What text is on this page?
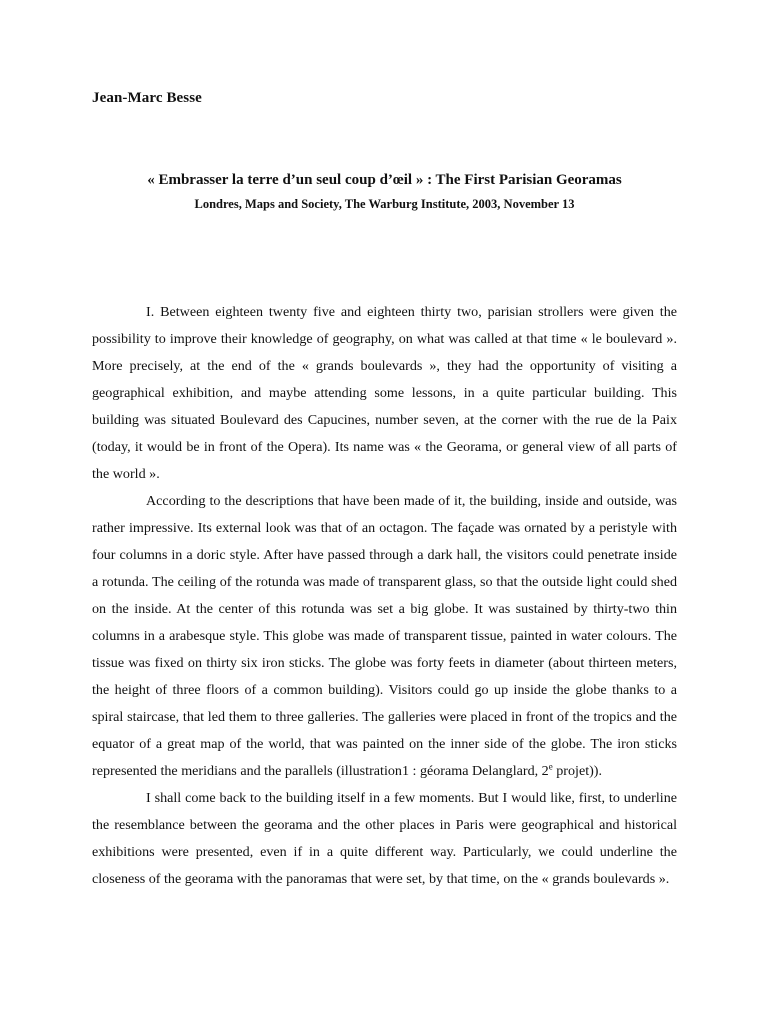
Jean-Marc Besse
« Embrasser la terre d’un seul coup d’œil » : The First Parisian Georamas
Londres, Maps and Society, The Warburg Institute, 2003, November 13

I. Between eighteen twenty five and eighteen thirty two, parisian strollers were given the possibility to improve their knowledge of geography, on what was called at that time « le boulevard ». More precisely, at the end of the « grands boulevards », they had the opportunity of visiting a geographical exhibition, and maybe attending some lessons, in a quite particular building. This building was situated Boulevard des Capucines, number seven, at the corner with the rue de la Paix (today, it would be in front of the Opera). Its name was « the Georama, or general view of all parts of the world ».

According to the descriptions that have been made of it, the building, inside and outside, was rather impressive. Its external look was that of an octagon. The façade was ornated by a peristyle with four columns in a doric style. After have passed through a dark hall, the visitors could penetrate inside a rotunda. The ceiling of the rotunda was made of transparent glass, so that the outside light could shed on the inside. At the center of this rotunda was set a big globe. It was sustained by thirty-two thin columns in a arabesque style. This globe was made of transparent tissue, painted in water colours. The tissue was fixed on thirty six iron sticks. The globe was forty feets in diameter (about thirteen meters, the height of three floors of a common building). Visitors could go up inside the globe thanks to a spiral staircase, that led them to three galleries. The galleries were placed in front of the tropics and the equator of a great map of the world, that was painted on the inner side of the globe. The iron sticks represented the meridians and the parallels (illustration1 : géorama Delanglard, 2e projet)).

I shall come back to the building itself in a few moments. But I would like, first, to underline the resemblance between the georama and the other places in Paris were geographical and historical exhibitions were presented, even if in a quite different way. Particularly, we could underline the closeness of the georama with the panoramas that were set, by that time, on the « grands boulevards ».
